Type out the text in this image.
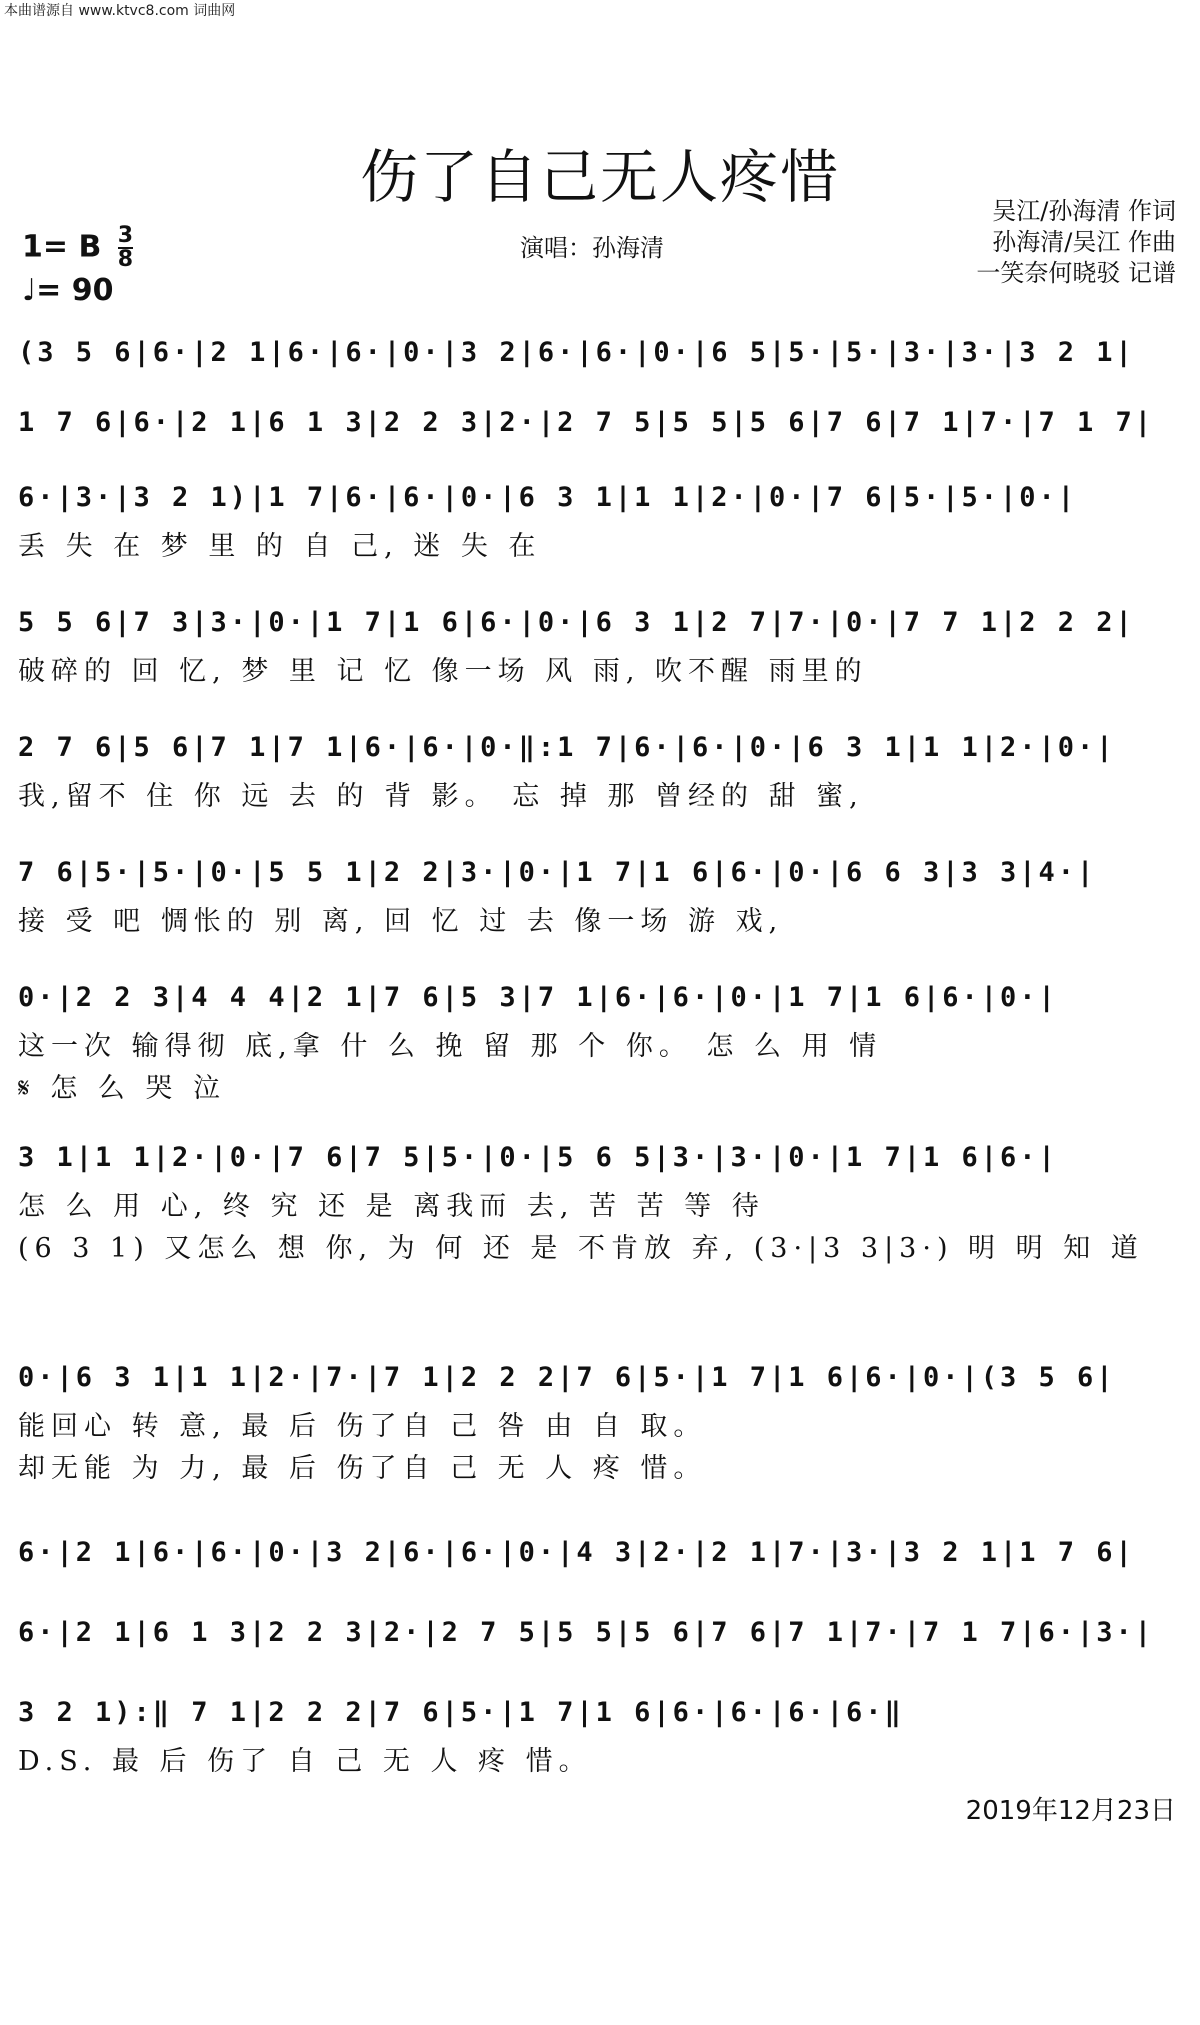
本曲谱源自 www.ktvc8.com 词曲网
伤了自己无人疼惜
1= B $\frac{3}{8}$
♩= 90
演唱：孙海清
吴江/孙海清 作词
孙海清/吴江 作曲
一笑奈何晓驳 记谱
2019年12月23日
(3 5 6|6·|2 1|6·|6·|0·|3 2|6·|6·|0·|6 5|5·|5·|3·|3·|3 2 1|
1 7 6|6·|2 1|6 1 3|2 2 3|2·|2 7 5|5 5|5 6|7 6|7 1|7·|7 1 7|
6·|3·|3 2 1)|1 7|6·|6·|0·|6 3 1|1 1|2·|0·|7 6|5·|5·|0·|
丢 失 在 梦 里 的 自 己, 迷 失 在
5 5 6|7 3|3·|0·|1 7|1 6|6·|0·|6 3 1|2 7|7·|0·|7 7 1|2 2 2|
破碎的 回 忆, 梦 里 记 忆 像一场 风 雨, 吹不醒 雨里的
2 7 6|5 6|7 1|7 1|6·|6·|0·‖:1 7|6·|6·|0·|6 3 1|1 1|2·|0·|
我,留不 住 你 远 去 的 背 影。 忘 掉 那 曾经的 甜 蜜,
7 6|5·|5·|0·|5 5 1|2 2|3·|0·|1 7|1 6|6·|0·|6 6 3|3 3|4·|
接 受 吧 惆怅的 别 离, 回 忆 过 去 像一场 游 戏,
0·|2 2 3|4 4 4|2 1|7 6|5 3|7 1|6·|6·|0·|1 7|1 6|6·|0·|
这一次 输得彻 底,拿 什 么 挽 留 那 个 你。 怎 么 用 情
𝄋 怎 么 哭 泣
3 1|1 1|2·|0·|7 6|7 5|5·|0·|5 6 5|3·|3·|0·|1 7|1 6|6·|
怎 么 用 心, 终 究 还 是 离我而 去, 苦 苦 等 待
(6 3 1) 又怎么 想 你, 为 何 还 是 不肯放 弃, (3·|3 3|3·) 明 明 知 道
0·|6 3 1|1 1|2·|7·|7 1|2 2 2|7 6|5·|1 7|1 6|6·|0·|(3 5 6|
能回心 转 意, 最 后 伤了自 己 咎 由 自 取。
却无能 为 力, 最 后 伤了自 己 无 人 疼 惜。
6·|2 1|6·|6·|0·|3 2|6·|6·|0·|4 3|2·|2 1|7·|3·|3 2 1|1 7 6|
6·|2 1|6 1 3|2 2 3|2·|2 7 5|5 5|5 6|7 6|7 1|7·|7 1 7|6·|3·|
3 2 1):‖ 7 1|2 2 2|7 6|5·|1 7|1 6|6·|6·|6·|6·‖
D.S. 最 后 伤了 自 己 无 人 疼 惜。
